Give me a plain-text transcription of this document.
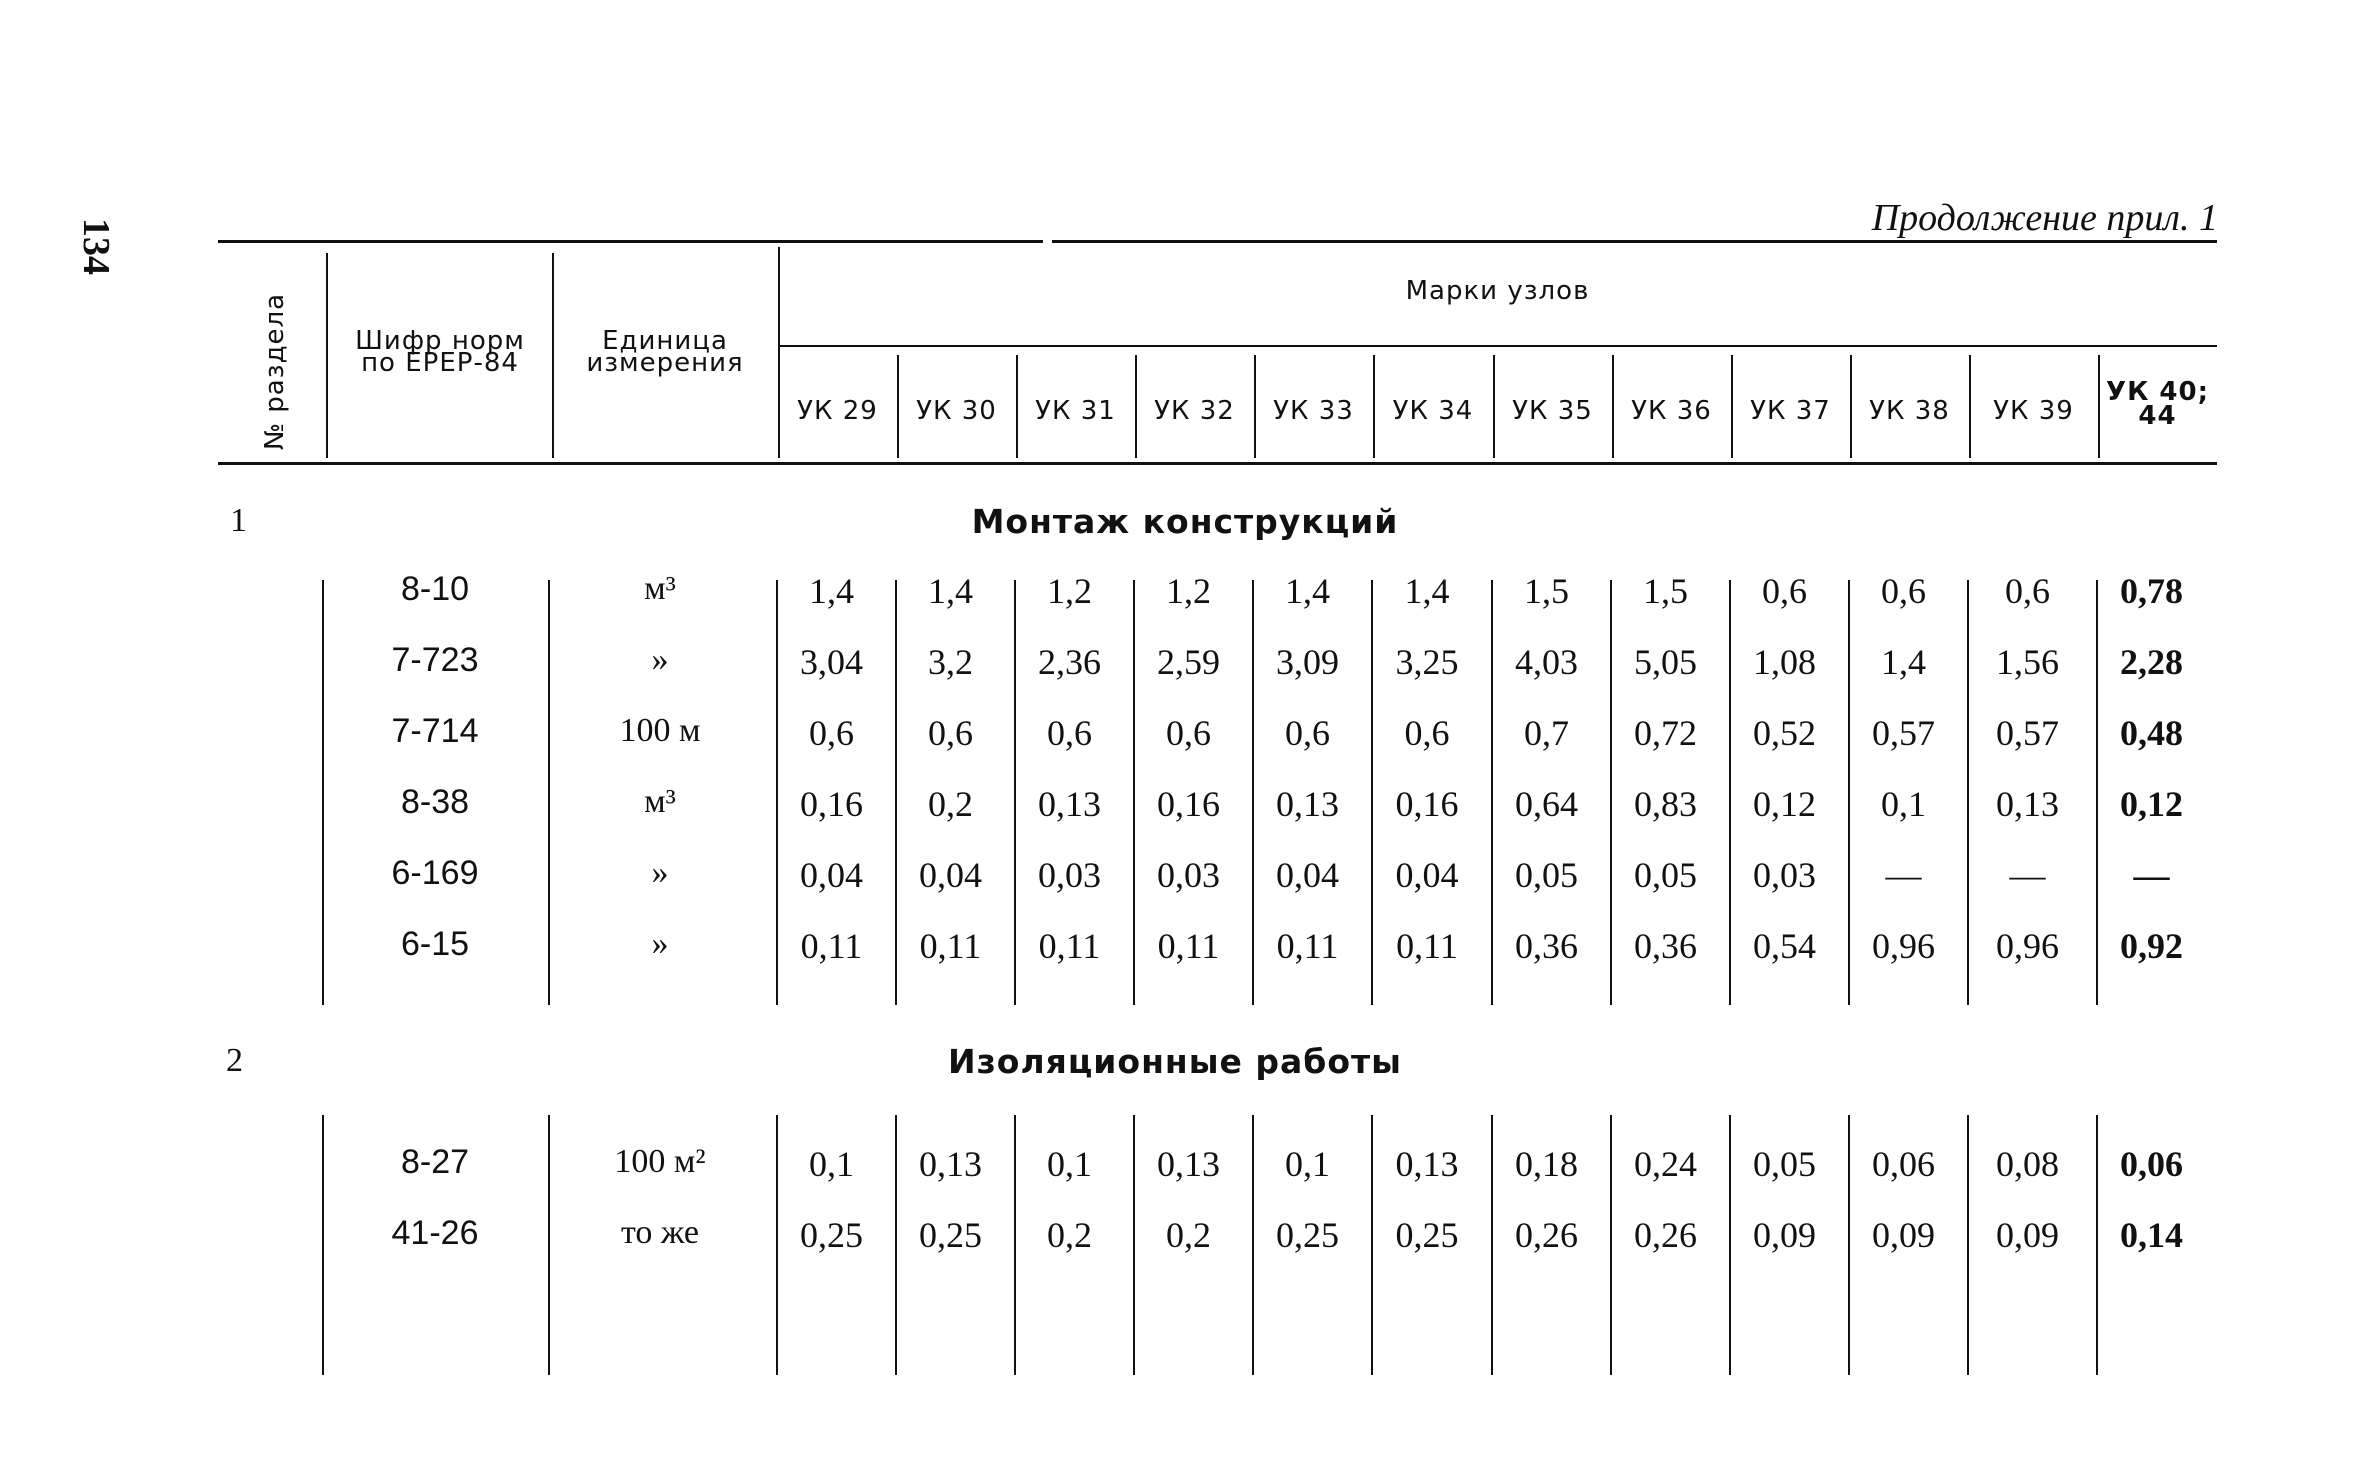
134	Продолжение прил. 1
№ раздела	Шифр норм
по ЕРЕР-84
Единица
измерения
Марки узлов
УК 29	УК 30	УК 31	УК 32	УК 33	УК 34	УК 35	УК 36	УК 37	УК 38	УК 39
УК 40; 44
1	Монтаж конструкций
2	Изоляционные работы
8-10	м³	1,4 1,4 1,2 1,2 1,4 1,4 1,5 1,5 0,6 0,6 0,6 0,78
7-723	»	3,04 3,2 2,36 2,59 3,09 3,25 4,03 5,05 1,08 1,4 1,56 2,28
7-714	100 м	0,6 0,6 0,6 0,6 0,6 0,6 0,7 0,72 0,52 0,57 0,57 0,48
8-38	м³	0,16 0,2 0,13 0,16 0,13 0,16 0,64 0,83 0,12 0,1 0,13 0,12
6-169	»	0,04 0,04 0,03 0,03 0,04 0,04 0,05 0,05 0,03 — — —
6-15	»	0,11 0,11 0,11 0,11 0,11 0,11 0,36 0,36 0,54 0,96 0,96 0,92
8-27	100 м²	0,1 0,13 0,1 0,13 0,1 0,13 0,18 0,24 0,05 0,06 0,08 0,06
41-26	то же	0,25 0,25 0,2 0,2 0,25 0,25 0,26 0,26 0,09 0,09 0,09 0,14
